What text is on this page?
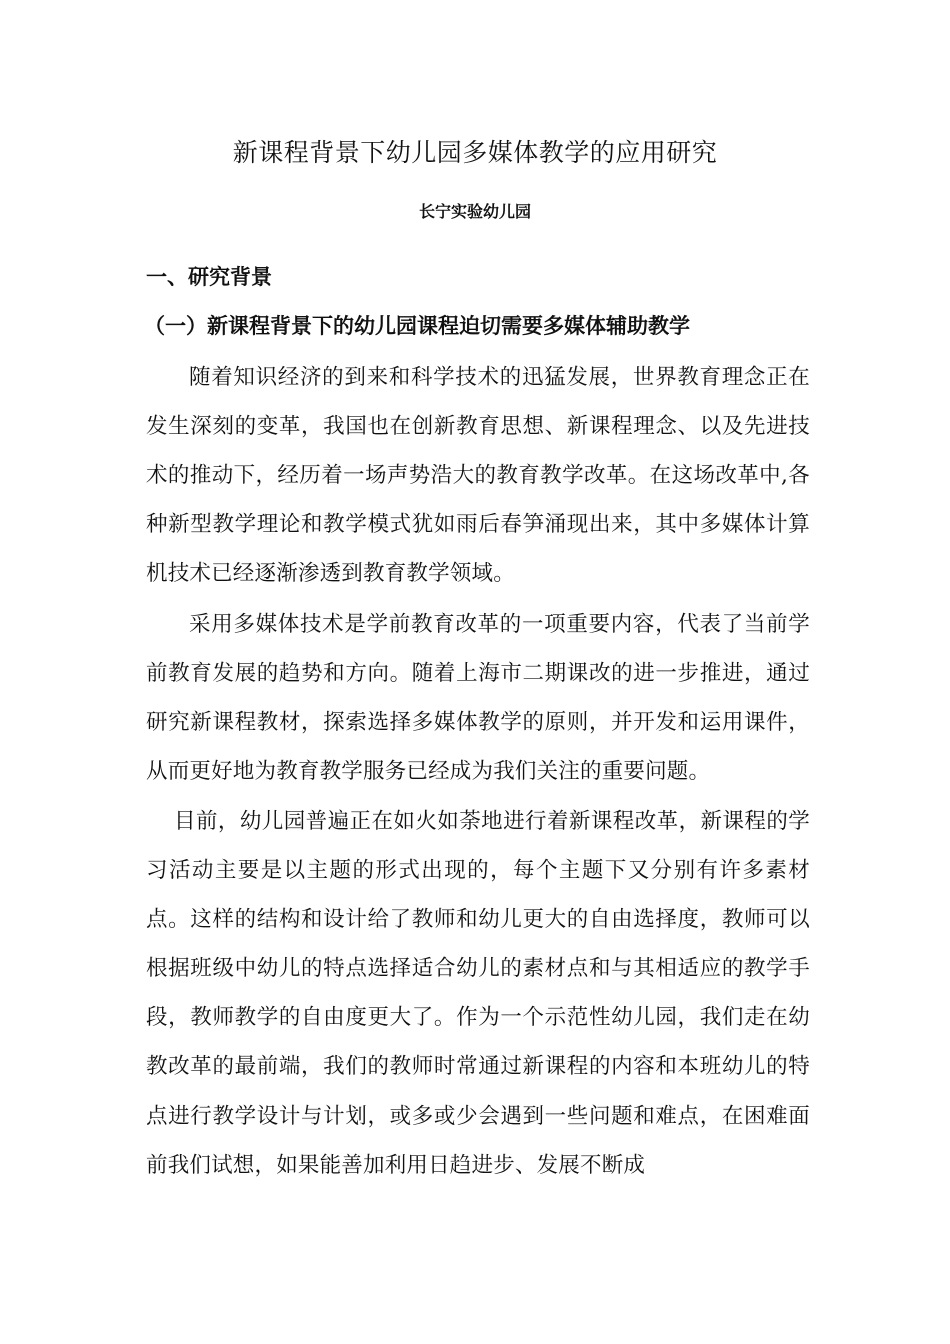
新课程背景下幼儿园多媒体教学的应用研究
长宁实验幼儿园
一、研究背景
（一）新课程背景下的幼儿园课程迫切需要多媒体辅助教学

随着知识经济的到来和科学技术的迅猛发展，世界教育理念正在发生深刻的变革，我国也在创新教育思想、新课程理念、以及先进技术的推动下，经历着一场声势浩大的教育教学改革。在这场改革中,各种新型教学理论和教学模式犹如雨后春笋涌现出来，其中多媒体计算机技术已经逐渐渗透到教育教学领域。

采用多媒体技术是学前教育改革的一项重要内容，代表了当前学前教育发展的趋势和方向。随着上海市二期课改的进一步推进，通过研究新课程教材，探索选择多媒体教学的原则，并开发和运用课件，从而更好地为教育教学服务已经成为我们关注的重要问题。

目前，幼儿园普遍正在如火如荼地进行着新课程改革，新课程的学习活动主要是以主题的形式出现的，每个主题下又分别有许多素材点。这样的结构和设计给了教师和幼儿更大的自由选择度，教师可以根据班级中幼儿的特点选择适合幼儿的素材点和与其相适应的教学手段，教师教学的自由度更大了。作为一个示范性幼儿园，我们走在幼教改革的最前端，我们的教师时常通过新课程的内容和本班幼儿的特点进行教学设计与计划，或多或少会遇到一些问题和难点，在困难面前我们试想，如果能善加利用日趋进步、发展不断成
